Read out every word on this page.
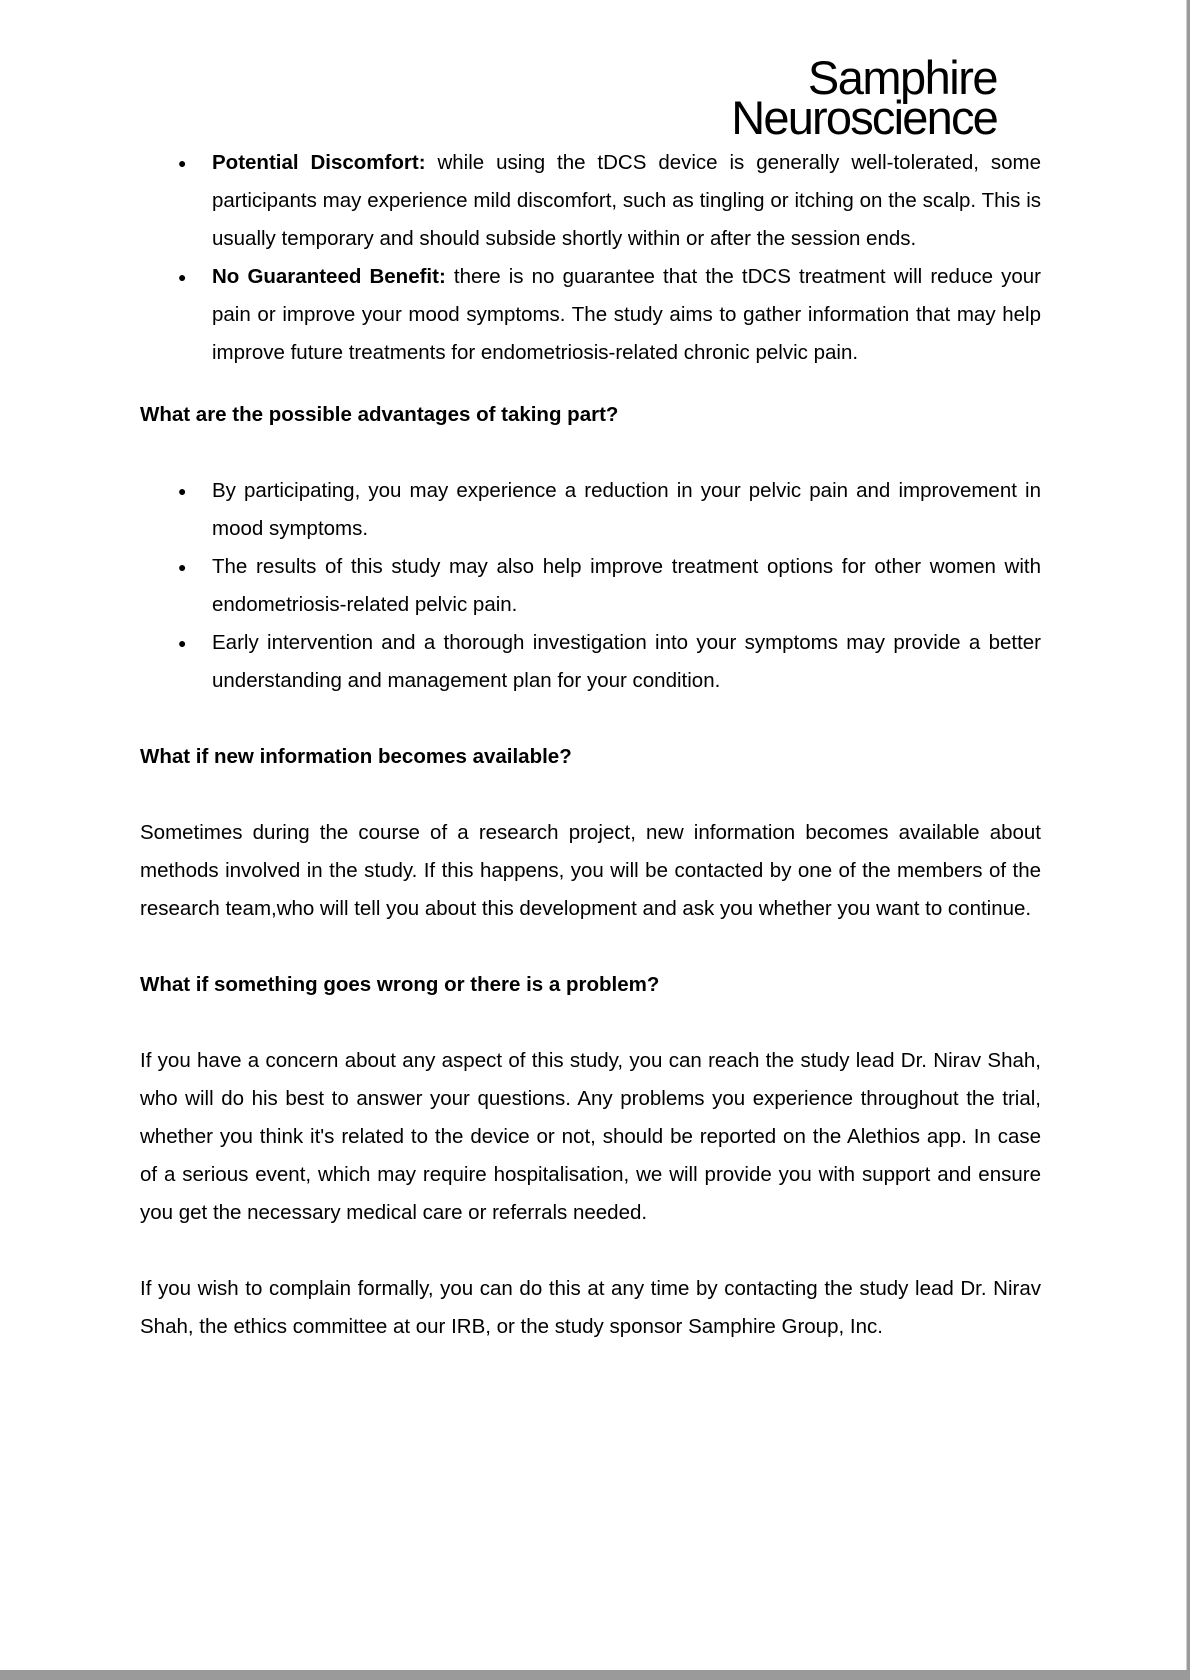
Samphire
Neuroscience
● Potential Discomfort: while using the tDCS device is generally well-tolerated, some participants may experience mild discomfort, such as tingling or itching on the scalp. This is usually temporary and should subside shortly within or after the session ends.
● No Guaranteed Benefit: there is no guarantee that the tDCS treatment will reduce your pain or improve your mood symptoms. The study aims to gather information that may help improve future treatments for endometriosis-related chronic pelvic pain.

What are the possible advantages of taking part?

● By participating, you may experience a reduction in your pelvic pain and improvement in mood symptoms.
● The results of this study may also help improve treatment options for other women with endometriosis-related pelvic pain.
● Early intervention and a thorough investigation into your symptoms may provide a better understanding and management plan for your condition.

What if new information becomes available?

Sometimes during the course of a research project, new information becomes available about methods involved in the study. If this happens, you will be contacted by one of the members of the research team,who will tell you about this development and ask you whether you want to continue.

What if something goes wrong or there is a problem?

If you have a concern about any aspect of this study, you can reach the study lead Dr. Nirav Shah, who will do his best to answer your questions. Any problems you experience throughout the trial, whether you think it's related to the device or not, should be reported on the Alethios app. In case of a serious event, which may require hospitalisation, we will provide you with support and ensure you get the necessary medical care or referrals needed.

If you wish to complain formally, you can do this at any time by contacting the study lead Dr. Nirav Shah, the ethics committee at our IRB, or the study sponsor Samphire Group, Inc.
